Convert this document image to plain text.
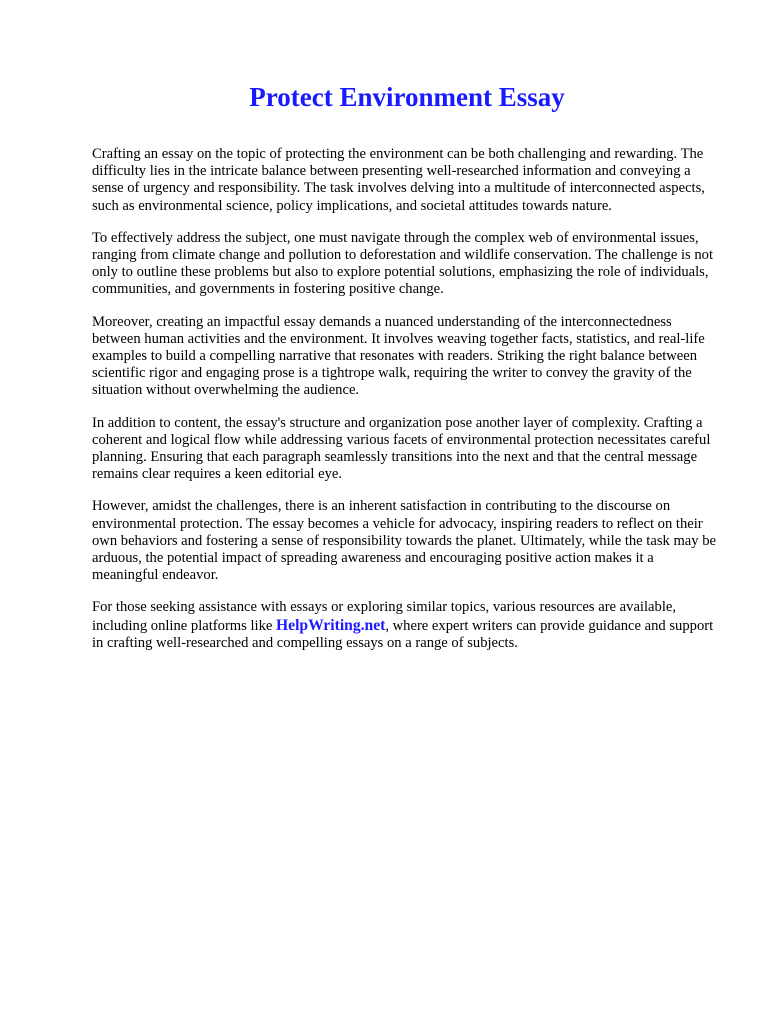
Protect Environment Essay

Crafting an essay on the topic of protecting the environment can be both challenging and rewarding. The difficulty lies in the intricate balance between presenting well-researched information and conveying a sense of urgency and responsibility. The task involves delving into a multitude of interconnected aspects, such as environmental science, policy implications, and societal attitudes towards nature.

To effectively address the subject, one must navigate through the complex web of environmental issues, ranging from climate change and pollution to deforestation and wildlife conservation. The challenge is not only to outline these problems but also to explore potential solutions, emphasizing the role of individuals, communities, and governments in fostering positive change.

Moreover, creating an impactful essay demands a nuanced understanding of the interconnectedness between human activities and the environment. It involves weaving together facts, statistics, and real-life examples to build a compelling narrative that resonates with readers. Striking the right balance between scientific rigor and engaging prose is a tightrope walk, requiring the writer to convey the gravity of the situation without overwhelming the audience.

In addition to content, the essay's structure and organization pose another layer of complexity. Crafting a coherent and logical flow while addressing various facets of environmental protection necessitates careful planning. Ensuring that each paragraph seamlessly transitions into the next and that the central message remains clear requires a keen editorial eye.

However, amidst the challenges, there is an inherent satisfaction in contributing to the discourse on environmental protection. The essay becomes a vehicle for advocacy, inspiring readers to reflect on their own behaviors and fostering a sense of responsibility towards the planet. Ultimately, while the task may be arduous, the potential impact of spreading awareness and encouraging positive action makes it a meaningful endeavor.

For those seeking assistance with essays or exploring similar topics, various resources are available, including online platforms like HelpWriting.net, where expert writers can provide guidance and support in crafting well-researched and compelling essays on a range of subjects.
